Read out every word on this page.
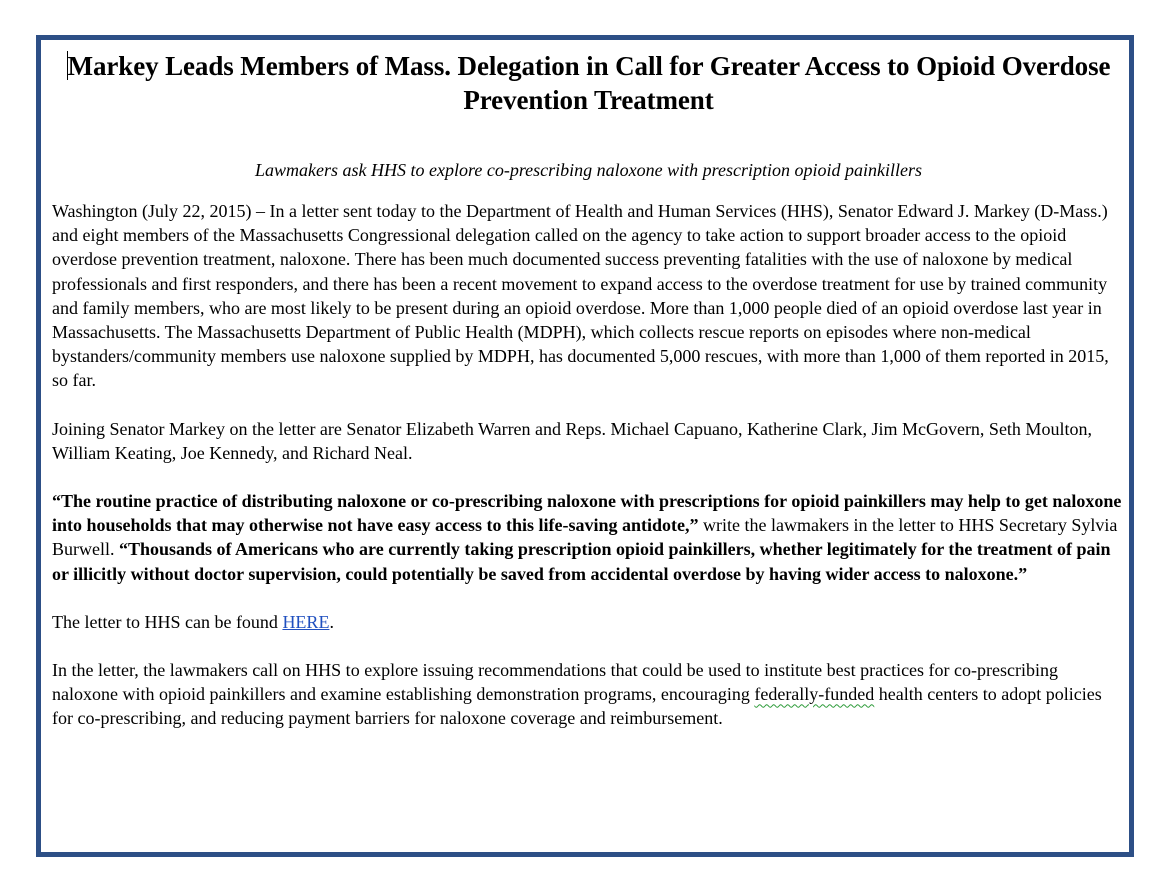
Markey Leads Members of Mass. Delegation in Call for Greater Access to Opioid Overdose Prevention Treatment

Lawmakers ask HHS to explore co-prescribing naloxone with prescription opioid painkillers

Washington (July 22, 2015) – In a letter sent today to the Department of Health and Human Services (HHS), Senator Edward J. Markey (D-Mass.) and eight members of the Massachusetts Congressional delegation called on the agency to take action to support broader access to the opioid overdose prevention treatment, naloxone. There has been much documented success preventing fatalities with the use of naloxone by medical professionals and first responders, and there has been a recent movement to expand access to the overdose treatment for use by trained community and family members, who are most likely to be present during an opioid overdose. More than 1,000 people died of an opioid overdose last year in Massachusetts. The Massachusetts Department of Public Health (MDPH), which collects rescue reports on episodes where non-medical bystanders/community members use naloxone supplied by MDPH, has documented 5,000 rescues, with more than 1,000 of them reported in 2015, so far.

Joining Senator Markey on the letter are Senator Elizabeth Warren and Reps. Michael Capuano, Katherine Clark, Jim McGovern, Seth Moulton, William Keating, Joe Kennedy, and Richard Neal.

“The routine practice of distributing naloxone or co-prescribing naloxone with prescriptions for opioid painkillers may help to get naloxone into households that may otherwise not have easy access to this life-saving antidote,” write the lawmakers in the letter to HHS Secretary Sylvia Burwell. “Thousands of Americans who are currently taking prescription opioid painkillers, whether legitimately for the treatment of pain or illicitly without doctor supervision, could potentially be saved from accidental overdose by having wider access to naloxone.”

The letter to HHS can be found HERE.

In the letter, the lawmakers call on HHS to explore issuing recommendations that could be used to institute best practices for co-prescribing naloxone with opioid painkillers and examine establishing demonstration programs, encouraging federally-funded health centers to adopt policies for co-prescribing, and reducing payment barriers for naloxone coverage and reimbursement.
